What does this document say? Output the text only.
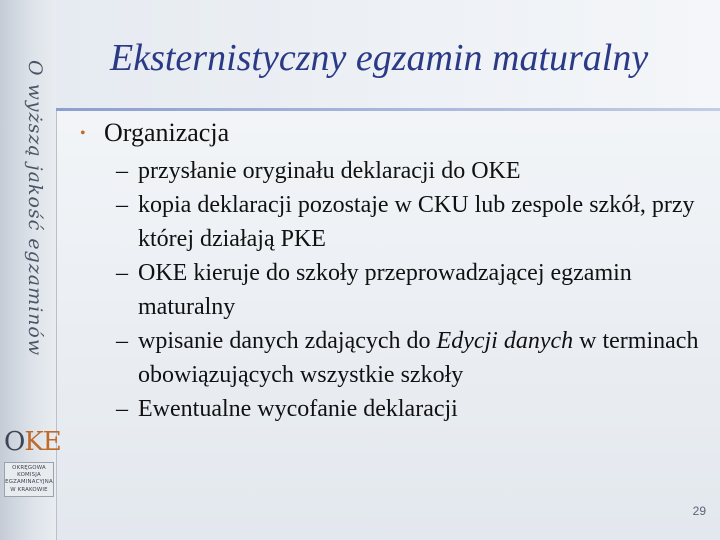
O wyższą jakość egzaminów
OKE
OKRĘGOWA
KOMISJA
EGZAMINACYJNA
W KRAKOWIE
Eksternistyczny egzamin maturalny
• Organizacja
– przysłanie oryginału deklaracji do OKE
– kopia deklaracji pozostaje w CKU lub zespole szkół, przy której działają PKE
– OKE kieruje do szkoły przeprowadzającej egzamin maturalny
– wpisanie danych zdających do Edycji danych w terminach obowiązujących wszystkie szkoły
– Ewentualne wycofanie deklaracji
29
